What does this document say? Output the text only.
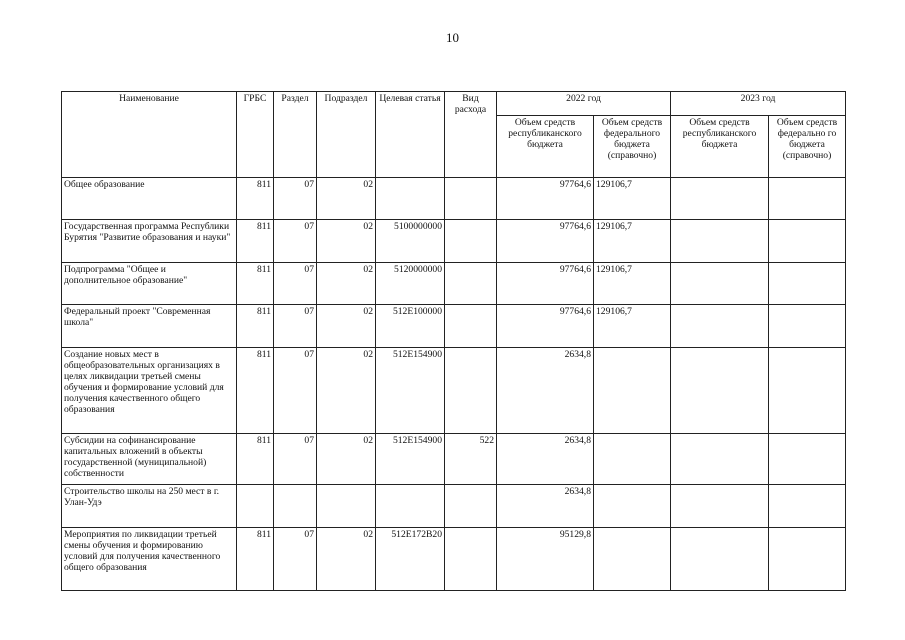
10
Наименование	ГРБС	Раздел	Подраздел	Целевая статья	Вид расхода	2022 год		2023 год	
						Объем средств республиканского бюджета	Объем средств федерального бюджета (справочно)	Объем средств республиканского бюджета	Объем средств федерально го бюджета (справочно)
Общее образование	811	07	02			97764,6	129106,7		
Государственная программа Республики Бурятия "Развитие образования и науки"	811	07	02	5100000000		97764,6	129106,7		
Подпрограмма "Общее и дополнительное образование"	811	07	02	5120000000		97764,6	129106,7		
Федеральный проект "Современная школа"	811	07	02	512E100000		97764,6	129106,7		
Создание новых мест в общеобразовательных организациях в целях ликвидации третьей смены обучения и формирование условий для получения качественного общего образования	811	07	02	512E154900		2634,8			
Субсидии на софинансирование капитальных вложений в объекты государственной (муниципальной) собственности	811	07	02	512E154900	522	2634,8			
Строительство школы на 250 мест в г. Улан-Удэ						2634,8			
Мероприятия по ликвидации третьей смены обучения и формированию условий для получения качественного общего образования	811	07	02	512E172B20		95129,8			
